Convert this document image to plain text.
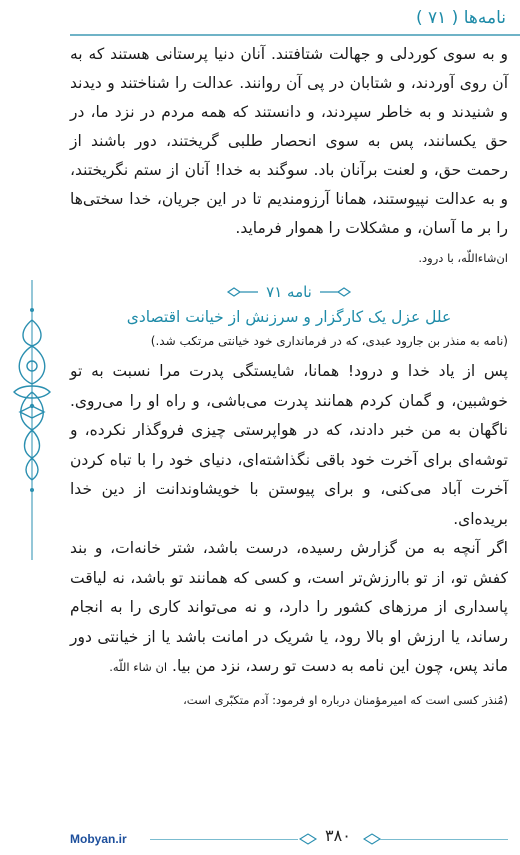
نامه‌ها ( ۷۱ )

و به سوى كوردلى و جهالت شتافتند. آنان دنيا پرستانى هستند كه به آن روى آوردند، و شتابان در پى آن روانند. عدالت را شناختند و ديدند و شنيدند و به خاطر سپردند، و دانستند كه همه مردم در نزد ما، در حق يكسانند، پس به سوى انحصار طلبى گريختند، دور باشند از رحمت حق، و لعنت برآنان باد. سوگند به خدا! آنان از ستم نگريختند، و به عدالت نپيوستند، همانا آرزومنديم تا در اين جريان، خدا سختى‌ها را بر ما آسان، و مشكلات را هموار فرمايد.

ان‌شاءاللّه، با درود.

نامه ۷۱
علل عزل يک كارگزار و سرزنش از خيانت اقتصادى

(نامه به منذر بن جارود عبدى، كه در فرماندارى خود خيانتى مرتكب شد.)

پس از ياد خدا و درود! همانا، شايستگى پدرت مرا نسبت به تو خوشبين، و گمان كردم همانند پدرت مى‌باشى، و راه او را مى‌روى. ناگهان به من خبر دادند، كه در هواپرستى چيزى فروگذار نكرده، و توشه‌اى براى آخرت خود باقى نگذاشته‌اى، دنياى خود را با تباه كردن آخرت آباد مى‌كنى، و براى پيوستن با خويشاوندانت از دين خدا بريده‌اى.

اگر آنچه به من گزارش رسيده، درست باشد، شتر خانه‌ات، و بند كفش تو، از تو باارزش‌تر است، و كسى كه همانند تو باشد، نه لياقت پاسدارى از مرزهاى كشور را دارد، و نه مى‌تواند كارى را به انجام رساند، يا ارزش او بالا رود، يا شريک در امانت باشد يا از خيانتى دور ماند پس، چون اين نامه به دست تو رسد، نزد من بيا. ان شاء اللّه.

(مُنذر كسى است كه اميرمؤمنان درباره او فرمود: آدم متكبّرى است،
Mobyan.ir	۳۸۰
